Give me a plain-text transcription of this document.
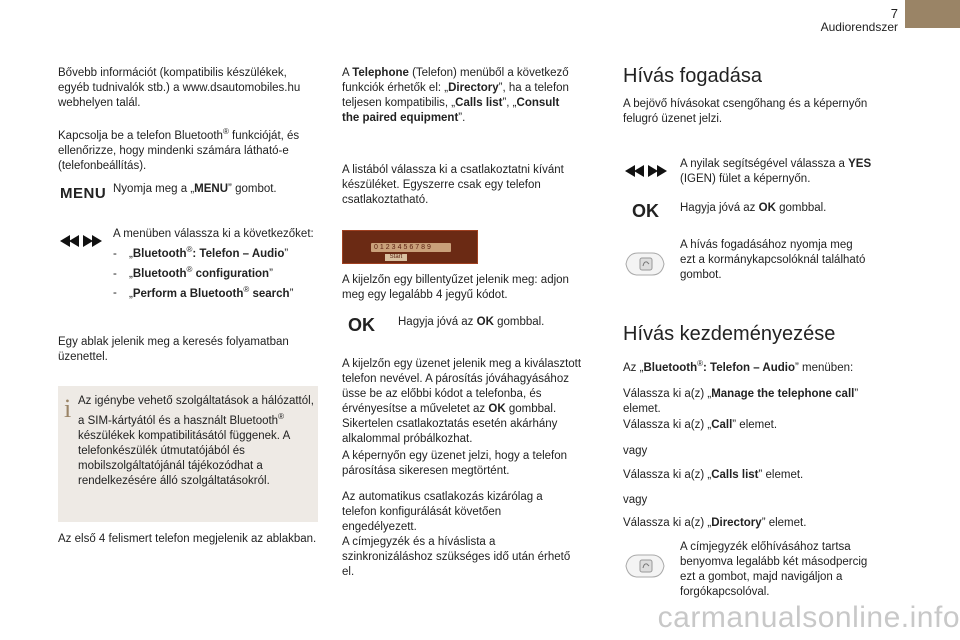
7
Audiorendszer

Bővebb információt (kompatibilis készülékek, egyéb tudnivalók stb.) a www.dsautomobiles.hu webhelyen talál.

Kapcsolja be a telefon Bluetooth® funkcióját, és ellenőrizze, hogy mindenki számára látható-e (telefonbeállítás).

MENU Nyomja meg a „MENU” gombot.

A menüben válassza ki a következőket:

- „Bluetooth®: Telefon – Audio”

- „Bluetooth® configuration”

- „Perform a Bluetooth® search”

Egy ablak jelenik meg a keresés folyamatban üzenettel.

i Az igénybe vehető szolgáltatások a hálózattól, a SIM-kártyától és a használt Bluetooth® készülékek kompatibilitásától függenek. A telefonkészülék útmutatójából és mobilszolgáltatójánál tájékozódhat a rendelkezésére álló szolgáltatásokról.

Az első 4 felismert telefon megjelenik az ablakban.

A Telephone (Telefon) menüből a következő funkciók érhetők el: „Directory”, ha a telefon teljesen kompatibilis, „Calls list”, „Consult the paired equipment”.

A listából válassza ki a csatlakoztatni kívánt készüléket. Egyszerre csak egy telefon csatlakoztatható.

0123456789
Start

A kijelzőn egy billentyűzet jelenik meg: adjon meg egy legalább 4 jegyű kódot.

OK Hagyja jóvá az OK gombbal.

A kijelzőn egy üzenet jelenik meg a kiválasztott telefon nevével. A párosítás jóváhagyásához üsse be az előbbi kódot a telefonba, és érvényesítse a műveletet az OK gombbal.
Sikertelen csatlakoztatás esetén akárhány alkalommal próbálkozhat.

A képernyőn egy üzenet jelzi, hogy a telefon párosítása sikeresen megtörtént.

Az automatikus csatlakozás kizárólag a telefon konfigurálását követően engedélyezett.
A címjegyzék és a híváslista a szinkronizáláshoz szükséges idő után érhető el.

Hívás fogadása

A bejövő hívásokat csengőhang és a képernyőn felugró üzenet jelzi.

A nyilak segítségével válassza a YES (IGEN) fület a képernyőn.

OK Hagyja jóvá az OK gombbal.

A hívás fogadásához nyomja meg ezt a kormánykapcsolóknál található gombot.

Hívás kezdeményezése

Az „Bluetooth®: Telefon – Audio” menüben:

Válassza ki a(z) „Manage the telephone call” elemet.

Válassza ki a(z) „Call” elemet.

vagy

Válassza ki a(z) „Calls list” elemet.

vagy

Válassza ki a(z) „Directory” elemet.

A címjegyzék előhívásához tartsa benyomva legalább két másodpercig ezt a gombot, majd navigáljon a forgókapcsolóval.

carmanualsonline.info
